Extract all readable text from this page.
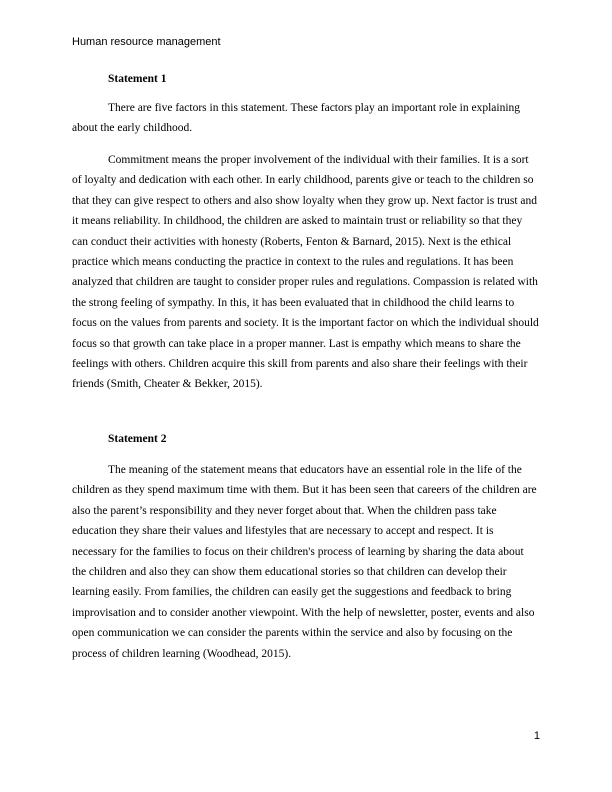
Human resource management
Statement 1

There are five factors in this statement. These factors play an important role in explaining about the early childhood.

Commitment means the proper involvement of the individual with their families. It is a sort of loyalty and dedication with each other. In early childhood, parents give or teach to the children so that they can give respect to others and also show loyalty when they grow up. Next factor is trust and it means reliability. In childhood, the children are asked to maintain trust or reliability so that they can conduct their activities with honesty (Roberts, Fenton & Barnard, 2015). Next is the ethical practice which means conducting the practice in context to the rules and regulations. It has been analyzed that children are taught to consider proper rules and regulations. Compassion is related with the strong feeling of sympathy. In this, it has been evaluated that in childhood the child learns to focus on the values from parents and society. It is the important factor on which the individual should focus so that growth can take place in a proper manner. Last is empathy which means to share the feelings with others. Children acquire this skill from parents and also share their feelings with their friends (Smith, Cheater & Bekker, 2015).

Statement 2

The meaning of the statement means that educators have an essential role in the life of the children as they spend maximum time with them. But it has been seen that careers of the children are also the parent’s responsibility and they never forget about that. When the children pass take education they share their values and lifestyles that are necessary to accept and respect. It is necessary for the families to focus on their children's process of learning by sharing the data about the children and also they can show them educational stories so that children can develop their learning easily. From families, the children can easily get the suggestions and feedback to bring improvisation and to consider another viewpoint. With the help of newsletter, poster, events and also open communication we can consider the parents within the service and also by focusing on the process of children learning (Woodhead, 2015).

1
